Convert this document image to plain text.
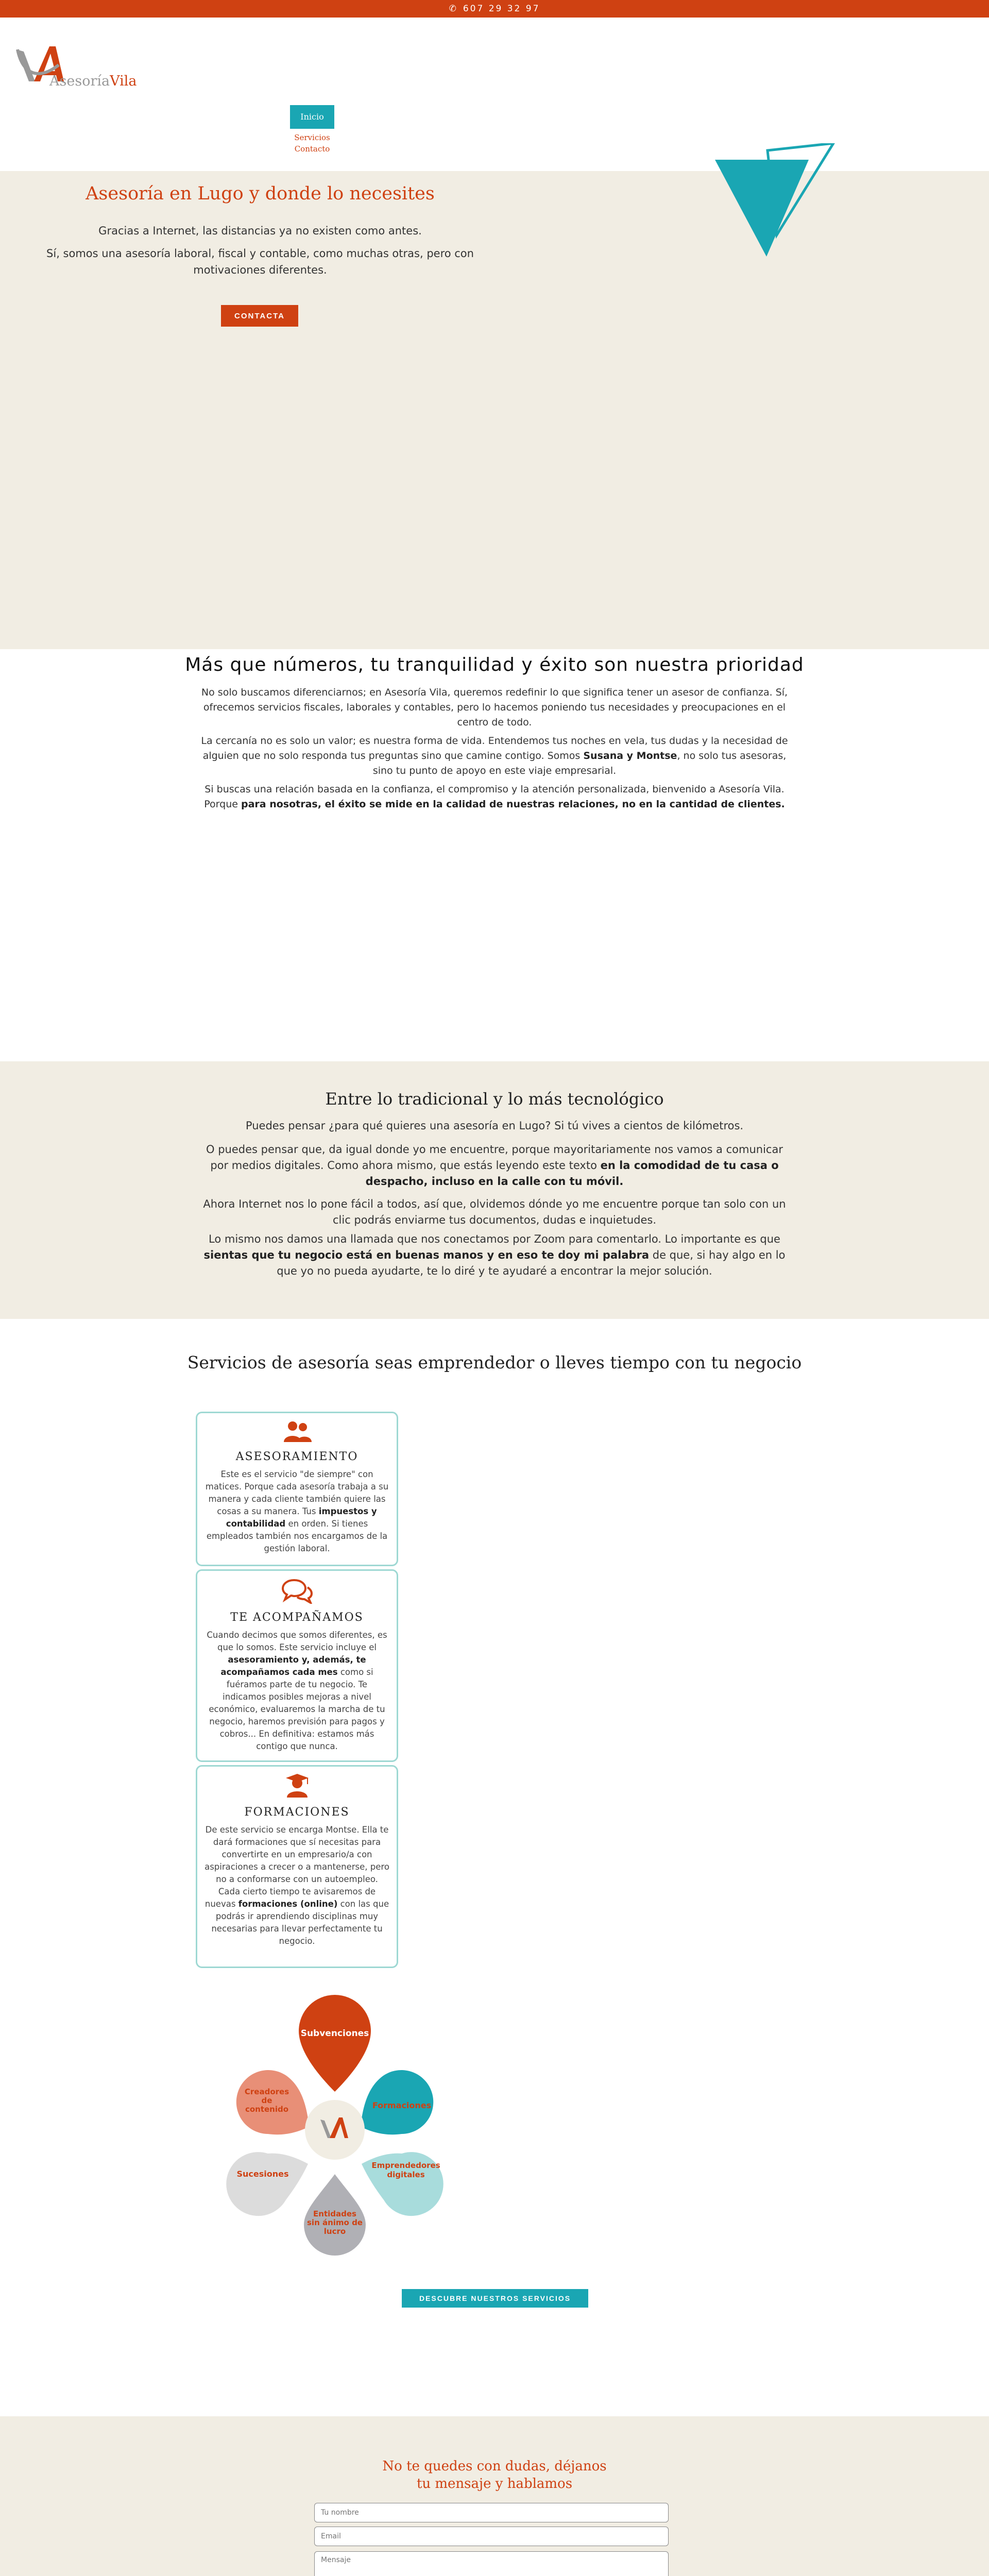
✆ 607 29 32 97
AsesoríaVila
Inicio
Servicios
Contacto
Asesoría en Lugo y donde lo necesites

Gracias a Internet, las distancias ya no existen como antes.

Sí, somos una asesoría laboral, fiscal y contable, como muchas otras, pero con motivaciones diferentes.

CONTACTA
Más que números, tu tranquilidad y éxito son nuestra prioridad

No solo buscamos diferenciarnos; en Asesoría Vila, queremos redefinir lo que significa tener un asesor de confianza. Sí, ofrecemos servicios fiscales, laborales y contables, pero lo hacemos poniendo tus necesidades y preocupaciones en el centro de todo.

La cercanía no es solo un valor; es nuestra forma de vida. Entendemos tus noches en vela, tus dudas y la necesidad de alguien que no solo responda tus preguntas sino que camine contigo. Somos Susana y Montse, no solo tus asesoras, sino tu punto de apoyo en este viaje empresarial.

Si buscas una relación basada en la confianza, el compromiso y la atención personalizada, bienvenido a Asesoría Vila. Porque para nosotras, el éxito se mide en la calidad de nuestras relaciones, no en la cantidad de clientes.

Entre lo tradicional y lo más tecnológico

Puedes pensar ¿para qué quieres una asesoría en Lugo? Si tú vives a cientos de kilómetros.

O puedes pensar que, da igual donde yo me encuentre, porque mayoritariamente nos vamos a comunicar por medios digitales. Como ahora mismo, que estás leyendo este texto en la comodidad de tu casa o despacho, incluso en la calle con tu móvil.

Ahora Internet nos lo pone fácil a todos, así que, olvidemos dónde yo me encuentre porque tan solo con un clic podrás enviarme tus documentos, dudas e inquietudes.

Lo mismo nos damos una llamada que nos conectamos por Zoom para comentarlo. Lo importante es que sientas que tu negocio está en buenas manos y en eso te doy mi palabra de que, si hay algo en lo que yo no pueda ayudarte, te lo diré y te ayudaré a encontrar la mejor solución.

Servicios de asesoría seas emprendedor o lleves tiempo con tu negocio
ASESORAMIENTO

Este es el servicio "de siempre" con matices. Porque cada asesoría trabaja a su manera y cada cliente también quiere las cosas a su manera. Tus impuestos y contabilidad en orden. Si tienes empleados también nos encargamos de la gestión laboral.

TE ACOMPAÑAMOS

Cuando decimos que somos diferentes, es que lo somos. Este servicio incluye el asesoramiento y, además, te acompañamos cada mes como si fuéramos parte de tu negocio. Te indicamos posibles mejoras a nivel económico, evaluaremos la marcha de tu negocio, haremos previsión para pagos y cobros... En definitiva: estamos más contigo que nunca.

FORMACIONES

De este servicio se encarga Montse. Ella te dará formaciones que sí necesitas para convertirte en un empresario/a con aspiraciones a crecer o a mantenerse, pero no a conformarse con un autoempleo. Cada cierto tiempo te avisaremos de nuevas formaciones (online) con las que podrás ir aprendiendo disciplinas muy necesarias para llevar perfectamente tu negocio.

Subvenciones
Formaciones
Emprendedores
digitales
Entidades
sin ánimo de
lucro
Sucesiones
Creadores
de
contenido
DESCUBRE NUESTROS SERVICIOS
No te quedes con dudas, déjanos
tu mensaje y hablamos
Tu nombre
Email
Mensaje
